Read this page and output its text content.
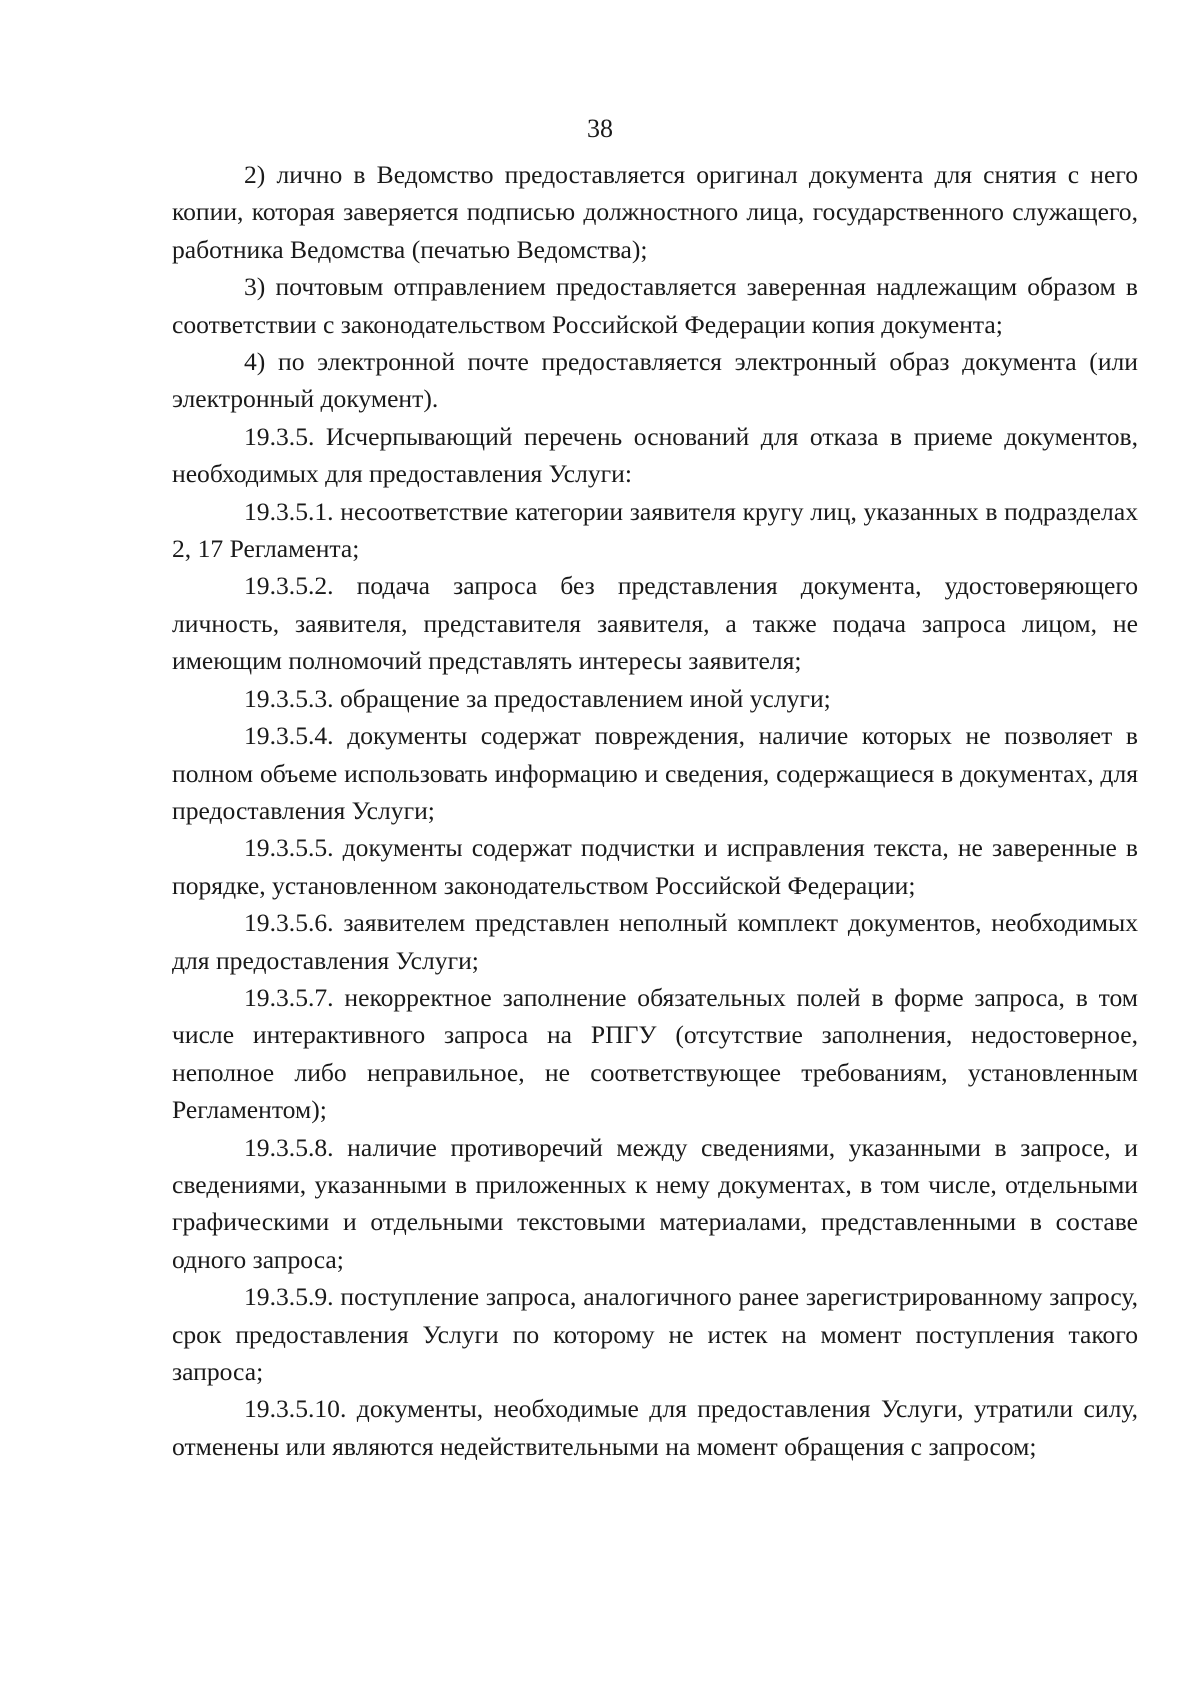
38

2) лично в Ведомство предоставляется оригинал документа для снятия с него копии, которая заверяется подписью должностного лица, государственного служащего, работника Ведомства (печатью Ведомства);

3) почтовым отправлением предоставляется заверенная надлежащим образом в соответствии с законодательством Российской Федерации копия документа;

4) по электронной почте предоставляется электронный образ документа (или электронный документ).

19.3.5. Исчерпывающий перечень оснований для отказа в приеме документов, необходимых для предоставления Услуги:

19.3.5.1. несоответствие категории заявителя кругу лиц, указанных в подразделах 2, 17 Регламента;

19.3.5.2. подача запроса без представления документа, удостоверяющего личность, заявителя, представителя заявителя, а также подача запроса лицом, не имеющим полномочий представлять интересы заявителя;

19.3.5.3. обращение за предоставлением иной услуги;

19.3.5.4. документы содержат повреждения, наличие которых не позволяет в полном объеме использовать информацию и сведения, содержащиеся в документах, для предоставления Услуги;

19.3.5.5. документы содержат подчистки и исправления текста, не заверенные в порядке, установленном законодательством Российской Федерации;

19.3.5.6. заявителем представлен неполный комплект документов, необходимых для предоставления Услуги;

19.3.5.7. некорректное заполнение обязательных полей в форме запроса, в том числе интерактивного запроса на РПГУ (отсутствие заполнения, недостоверное, неполное либо неправильное, не соответствующее требованиям, установленным Регламентом);

19.3.5.8. наличие противоречий между сведениями, указанными в запросе, и сведениями, указанными в приложенных к нему документах, в том числе, отдельными графическими и отдельными текстовыми материалами, представленными в составе одного запроса;

19.3.5.9. поступление запроса, аналогичного ранее зарегистрированному запросу, срок предоставления Услуги по которому не истек на момент поступления такого запроса;

19.3.5.10. документы, необходимые для предоставления Услуги, утратили силу, отменены или являются недействительными на момент обращения с запросом;
